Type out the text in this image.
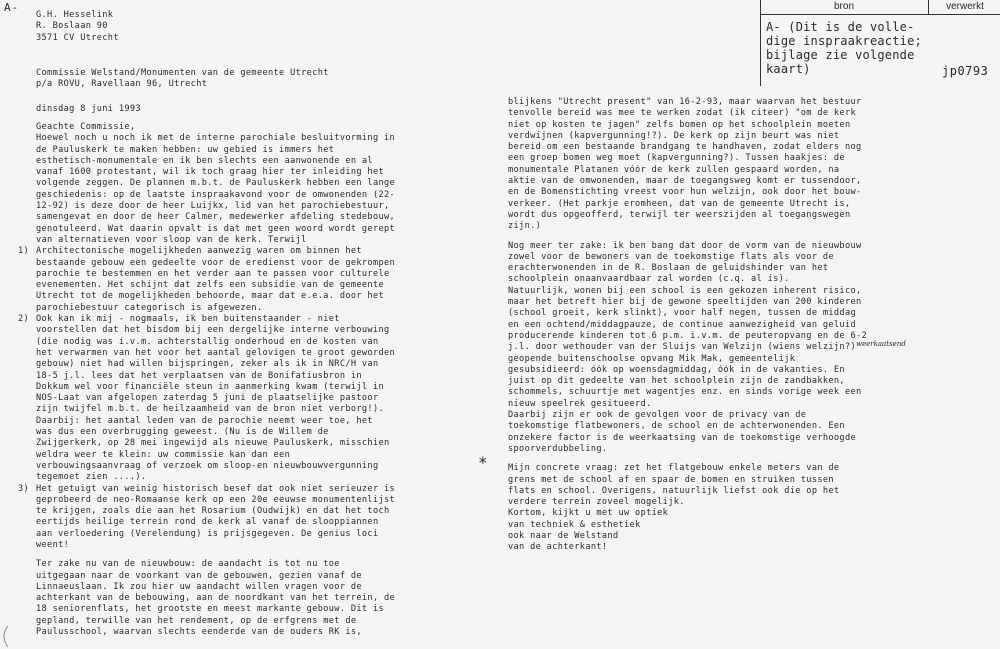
A-
G.H. Hesselink
R. Boslaan 90
3571 CV Utrecht
Commissie Welstand/Monumenten van de gemeente Utrecht
p/a ROVU, Ravellaan 96, Utrecht
dinsdag 8 juni 1993
bron	verwerkt
A- (Dit is de volle-
dige inspraakreactie;
bijlage zie volgende
kaart)	jp0793
Geachte Commissie,
Hoewel noch u noch ik met de interne parochiale besluitvorming in
de Pauluskerk te maken hebben: uw gebied is immers het
esthetisch-monumentale en ik ben slechts een aanwonende en al
vanaf 1600 protestant, wil ik toch graag hier ter inleiding het
volgende zeggen. De plannen m.b.t. de Pauluskerk hebben een lange
geschiedenis: op de laatste inspraakavond voor de omwonenden (22-
12-92) is deze door de heer Luijkx, lid van het parochiebestuur,
samengevat en door de heer Calmer, medewerker afdeling stedebouw,
genotuleerd. Wat daarin opvalt is dat met geen woord wordt gerept
van alternatieven voor sloop van de kerk. Terwijl
1) Architectonische mogelijkheden aanwezig waren om binnen het
bestaande gebouw een gedeelte voor de eredienst voor de gekrompen
parochie te bestemmen en het verder aan te passen voor culturele
evenementen. Het schijnt dat zelfs een subsidie van de gemeente
Utrecht tot de mogelijkheden behoorde, maar dat e.e.a. door het
parochiebestuur categorisch is afgewezen.
2) Ook kan ik mij - nogmaals, ik ben buitenstaander - niet
voorstellen dat het bisdom bij een dergelijke interne verbouwing
(die nodig was i.v.m. achterstallig onderhoud en de kosten van
het verwarmen van het voor het aantal gelovigen te groot geworden
gebouw) niet had willen bijspringen, zeker als ik in NRC/H van
18-5 j.l. lees dat het verplaatsen van de Bonifatiusbron in
Dokkum wel voor financiële steun in aanmerking kwam (terwijl in
NOS-Laat van afgelopen zaterdag 5 juni de plaatselijke pastoor
zijn twijfel m.b.t. de heilzaamheid van de bron niet verborg!).
Daarbij: het aantal leden van de parochie neemt weer toe, het
was dus een overbrugging geweest. (Nu is de Willem de
Zwijgerkerk, op 28 mei ingewijd als nieuwe Pauluskerk, misschien
weldra weer te klein: uw commissie kan dan een
verbouwingsaanvraag of verzoek om sloop-en nieuwbouwvergunning
tegemoet zien ....).
3) Het getuigt van weinig historisch besef dat ook niet serieuzer is
geprobeerd de neo-Romaanse kerk op een 20e eeuwse monumentenlijst
te krijgen, zoals die aan het Rosarium (Oudwijk) en dat het toch
eertijds heilige terrein rond de kerk al vanaf de slooppiannen
aan verloedering (Verelendung) is prijsgegeven. De genius loci
weent!
Ter zake nu van de nieuwbouw: de aandacht is tot nu toe
uitgegaan naar de voorkant van de gebouwen, gezien vanaf de
Linnaeuslaan. Ik zou hier uw aandacht willen vragen voor de
achterkant van de bebouwing, aan de noordkant van het terrein, de
18 seniorenflats, het grootste en meest markante gebouw. Dit is
gepland, terwille van het rendement, op de erfgrens met de
Paulusschool, waarvan slechts eenderde van de ouders RK is,
blijkens "Utrecht present" van 16-2-93, maar waarvan het bestuur
tenvolle bereid was mee te werken zodat (ik citeer) "om de kerk
niet op kosten te jagen" zelfs bomen op het schoolplein moeten
verdwijnen (kapvergunning!?). De kerk op zijn beurt was niet
bereid om een bestaande brandgang te handhaven, zodat elders nog
een groep bomen weg moet (kapvergunning?). Tussen haakjes: de
monumentale Platanen vóór de kerk zullen gespaard worden, na
aktie van de omwonenden, maar de toegangsweg komt er tussendoor,
en de Bomenstichting vreest voor hun welzijn, ook door het bouw-
verkeer. (Het parkje eromheen, dat van de gemeente Utrecht is,
wordt dus opgeofferd, terwijl ter weerszijden al toegangswegen
zijn.)
Nog meer ter zake: ik ben bang dat door de vorm van de nieuwbouw
zowel voor de bewoners van de toekomstige flats als voor de
erachterwonenden in de R. Boslaan de geluidshinder van het
schoolplein onaanvaardbaar zal worden (c.q. al is).
Natuurlijk, wonen bij een school is een gekozen inherent risico,
maar het betreft hier bij de gewone speeltijden van 200 kinderen
(school groeit, kerk slinkt), voor half negen, tussen de middag
en een ochtend/middagpauze, de continue aanwezigheid van geluid
producerende kinderen tot 6 p.m. i.v.m. de peuteropvang en de 6-2
j.l. door wethouder van der Sluijs van Welzijn (wiens welzijn?)
geopende buitenschoolse opvang Mik Mak, gemeentelijk
gesubsidieerd: óók op woensdagmiddag, óók in de vakanties. En
juist op dit gedeelte van het schoolplein zijn de zandbakken,
schommels, schuurtje met wagentjes enz. en sinds vorige week een
nieuw speelrek gesitueerd.
Daarbij zijn er ook de gevolgen voor de privacy van de
toekomstige flatbewoners, de school en de achterwonenden. Een
onzekere factor is de weerkaatsing van de toekomstige verhoogde
spoorverdubbeling.
Mijn concrete vraag: zet het flatgebouw enkele meters van de
grens met de school af en spaar de bomen en struiken tussen
flats en school. Overigens, natuurlijk liefst ook die op het
verdere terrein zoveel mogelijk.
Kortom, kijkt u met uw optiek
van techniek & esthetiek
ook naar de Welstand
van de achterkant!
*
weerkaatsend
